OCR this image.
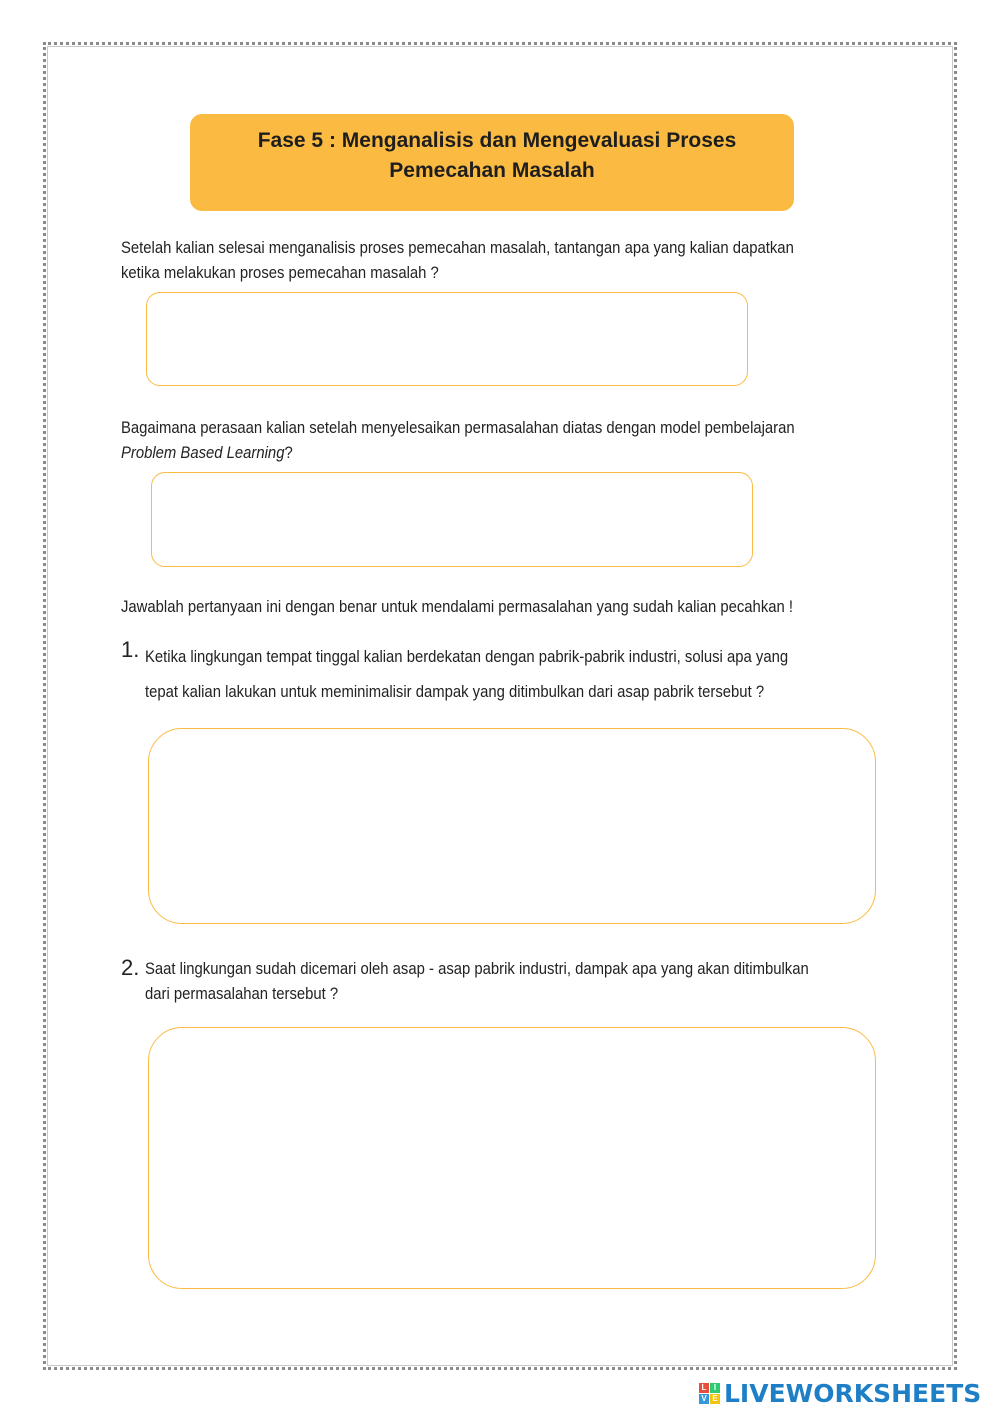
Fase 5 : Menganalisis dan Mengevaluasi Proses
Pemecahan Masalah
Setelah kalian selesai menganalisis proses pemecahan masalah, tantangan apa yang kalian dapatkan
ketika melakukan proses pemecahan masalah ?
Bagaimana perasaan kalian setelah menyelesaikan permasalahan diatas dengan model pembelajaran
Problem Based Learning?
Jawablah pertanyaan ini dengan benar untuk mendalami permasalahan yang sudah kalian pecahkan !
1. Ketika lingkungan tempat tinggal kalian berdekatan dengan pabrik-pabrik industri, solusi apa yang
tepat kalian lakukan untuk meminimalisir dampak yang ditimbulkan dari asap pabrik tersebut ?
2. Saat lingkungan sudah dicemari oleh asap - asap pabrik industri, dampak apa yang akan ditimbulkan
dari permasalahan tersebut ?
L I
V E LIVEWORKSHEETS
